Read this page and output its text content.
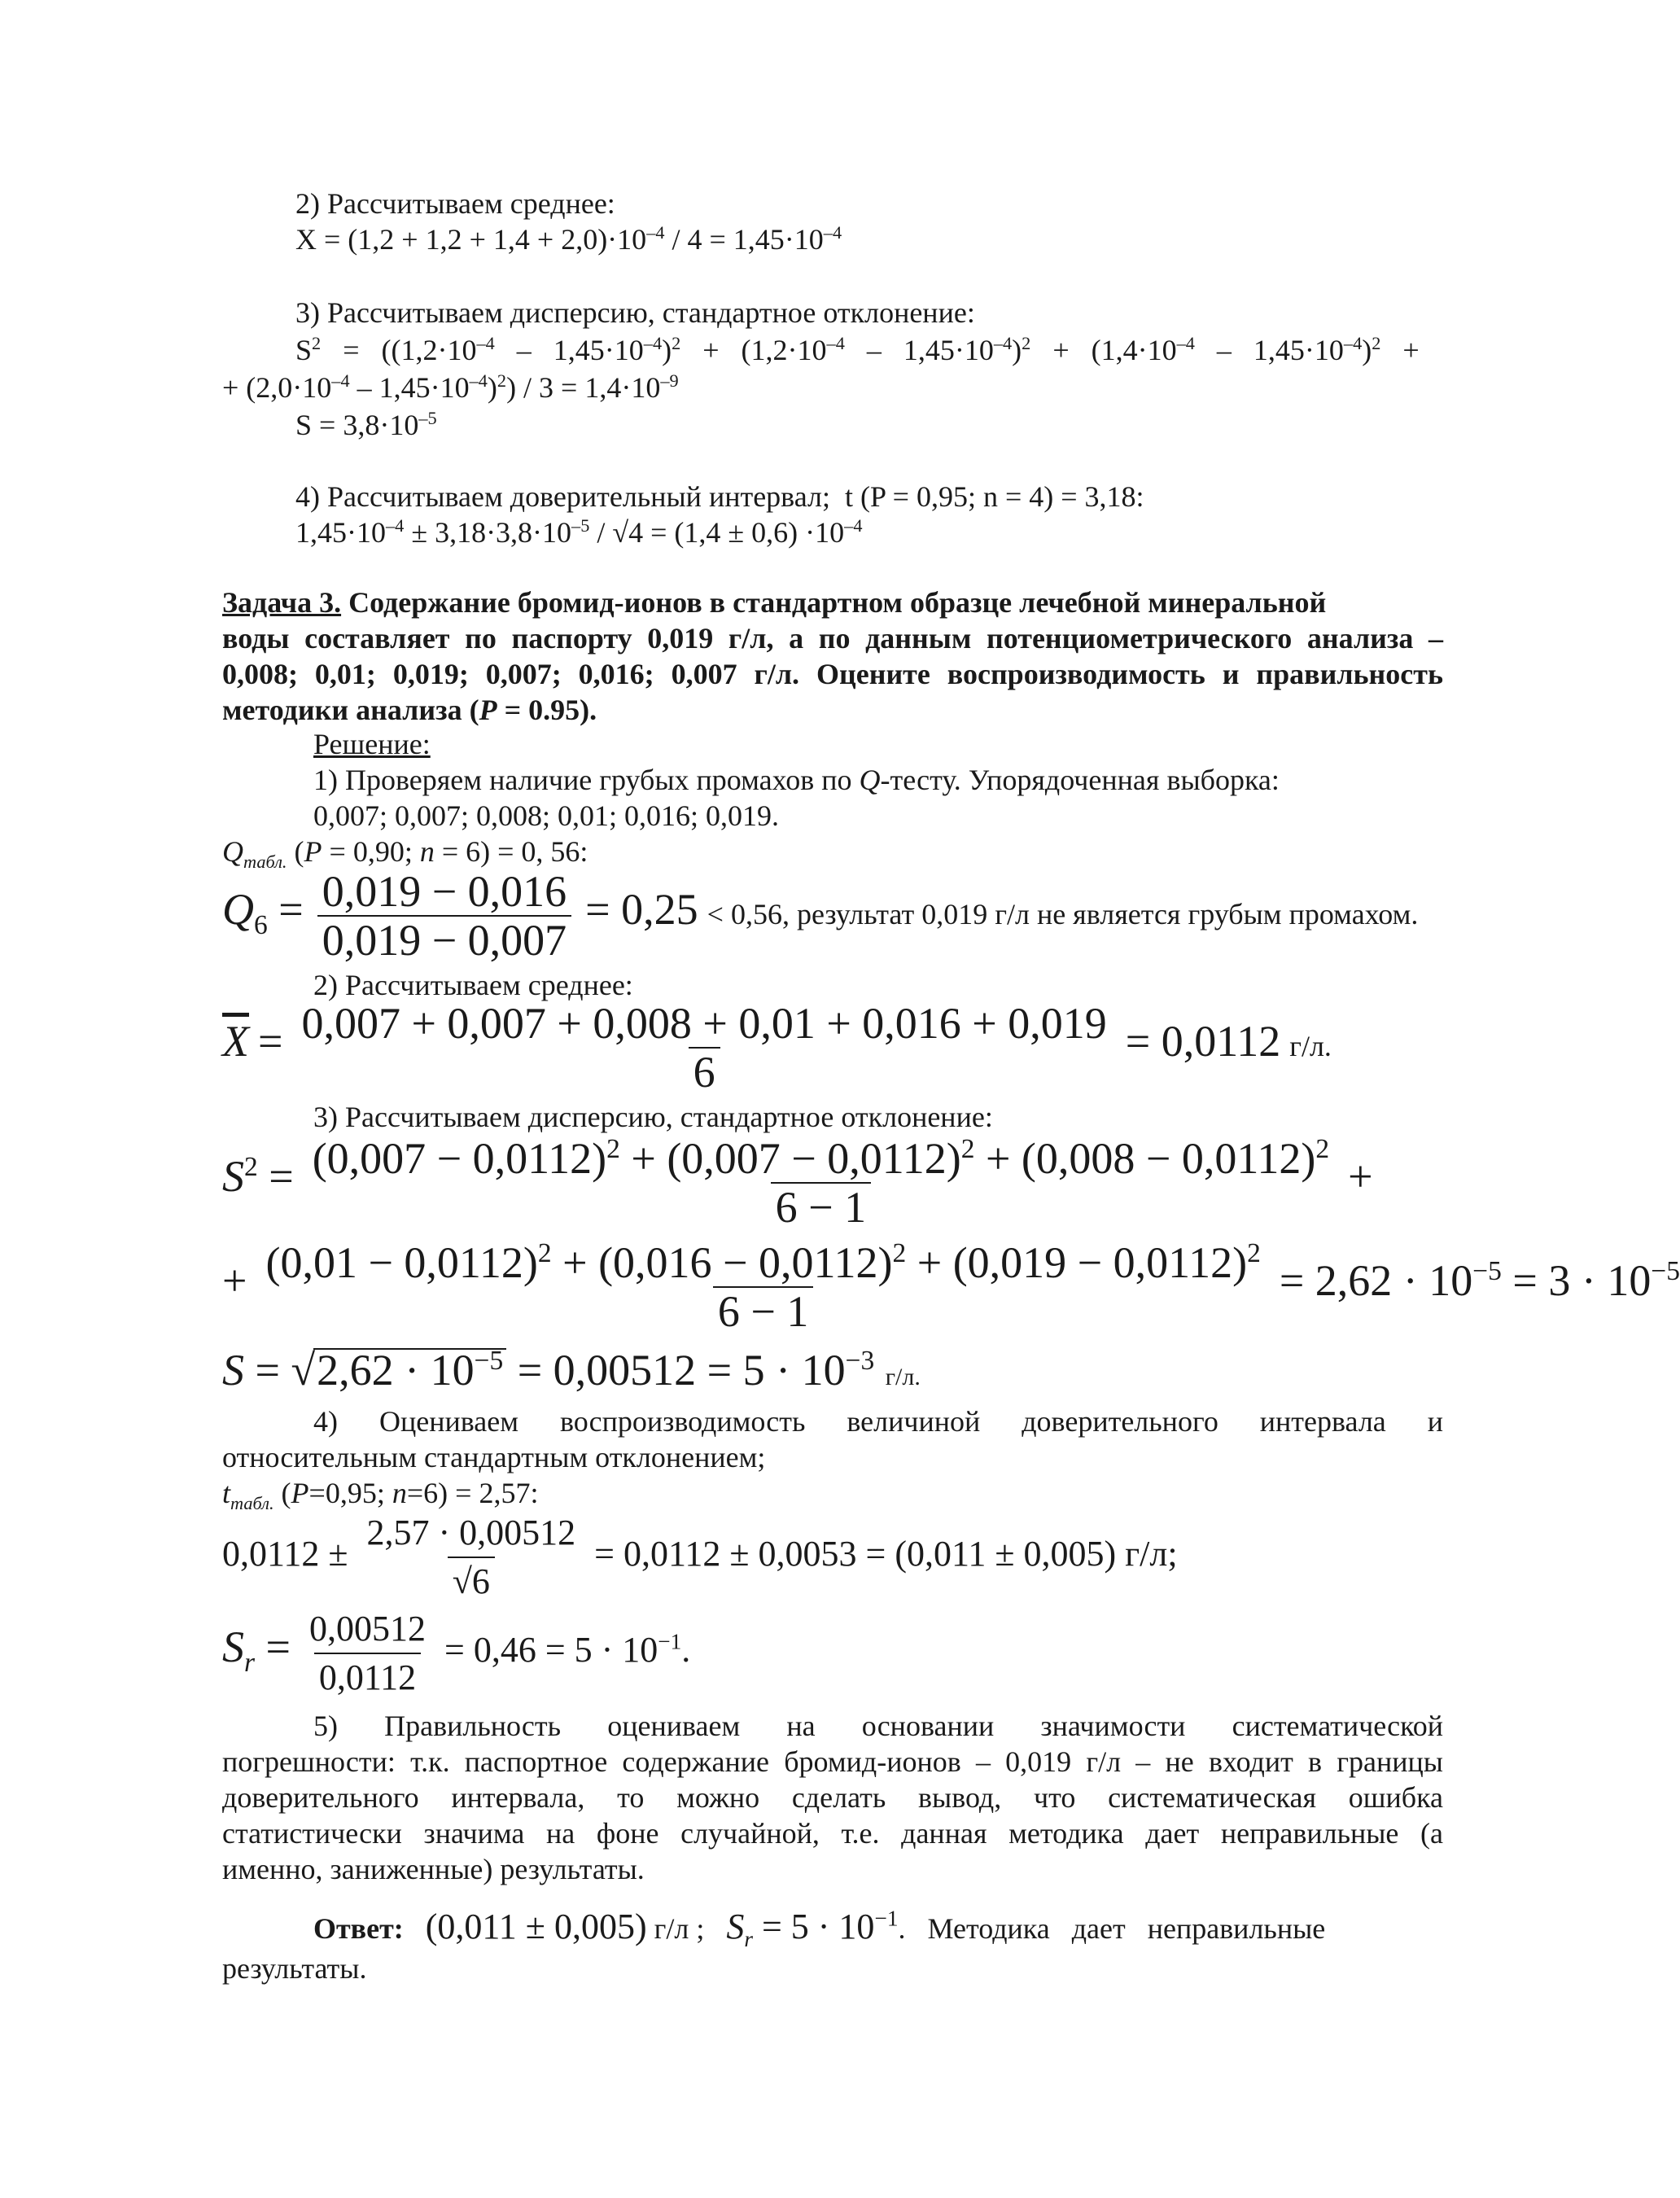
2) Рассчитываем среднее:
$X = (1,2 + 1,2 + 1,4 + 2,0)\cdot 10^{-4} / 4 = 1,45\cdot 10^{-4}$
3) Рассчитываем дисперсию, стандартное отклонение:
$S^2 = ((1,2\cdot 10^{-4} - 1,45\cdot 10^{-4})^2 + (1,2\cdot 10^{-4} - 1,45\cdot 10^{-4})^2 + (1,4\cdot 10^{-4} - 1,45\cdot 10^{-4})^2$   +
+ $(2,0\cdot 10^{-4} - 1,45\cdot 10^{-4})^2) / 3 = 1,4\cdot 10^{-9}$
$S = 3,8\cdot 10^{-5}$
4) Рассчитываем доверительный интервал;  t (P = 0,95; n = 4) = 3,18:
$1,45\cdot 10^{-4} \pm 3,18\cdot 3,8\cdot 10^{-5} / √4 = (1,4 \pm 0,6) \cdot 10^{-4}$
Задача 3. Содержание бромид-ионов в стандартном образце лечебной минеральной
воды составляет по паспорту 0,019 г/л, а по данным потенциометрического анализа –
0,008; 0,01; 0,019; 0,007; 0,016; 0,007 г/л. Оцените воспроизводимость и правильность
методики анализа (P = 0.95).
Решение:
1) Проверяем наличие грубых промахов по Q-тесту. Упорядоченная выборка:
0,007; 0,007; 0,008; 0,01; 0,016; 0,019.
$Q_{табл.}$ (P = 0,90; n = 6) = 0, 56:
$Q_6 = \frac{0,019 - 0,016}{0,019 - 0,007} = 0,25 < 0,56$, результат 0,019 г/л не является грубым промахом.
2) Рассчитываем среднее:
$\overline{X} = \frac{0,007 + 0,007 + 0,008 + 0,01 + 0,016 + 0,019}{6} = 0,0112$ г/л.
3) Рассчитываем дисперсию, стандартное отклонение:
$S^2 = \frac{(0,007 - 0,0112)^2 + (0,007 - 0,0112)^2 + (0,008 - 0,0112)^2}{6 - 1}$ +
+ $\frac{(0,01 - 0,0112)^2 + (0,016 - 0,0112)^2 + (0,019 - 0,0112)^2}{6 - 1} = 2,62 \cdot 10^{-5} = 3 \cdot 10^{-5}$
$S = √2,62 \cdot 10^{-5} = 0,00512 = 5 \cdot 10^{-3}$ г/л.
4) Оцениваем воспроизводимость величиной доверительного интервала и
относительным стандартным отклонением;
$t_{табл.}$ (P=0,95; n=6) = 2,57:
$0,0112 \pm \frac{2,57 \cdot 0,00512}{√6} = 0,0112 \pm 0,0053 = (0,011 \pm 0,005)$ г/л;
$S_r = \frac{0,00512}{0,0112} = 0,46 = 5 \cdot 10^{-1}$.
5) Правильность оцениваем на основании значимости систематической
погрешности: т.к. паспортное содержание бромид-ионов – 0,019 г/л – не входит в границы
доверительного интервала, то можно сделать вывод, что систематическая ошибка
статистически значима на фоне случайной, т.е. данная методика дает неправильные (а
именно, заниженные) результаты.
Ответ: (0,011 ± 0,005) г/л ;   $S_r = 5 \cdot 10^{-1}$.   Методика   дает   неправильные
результаты.
